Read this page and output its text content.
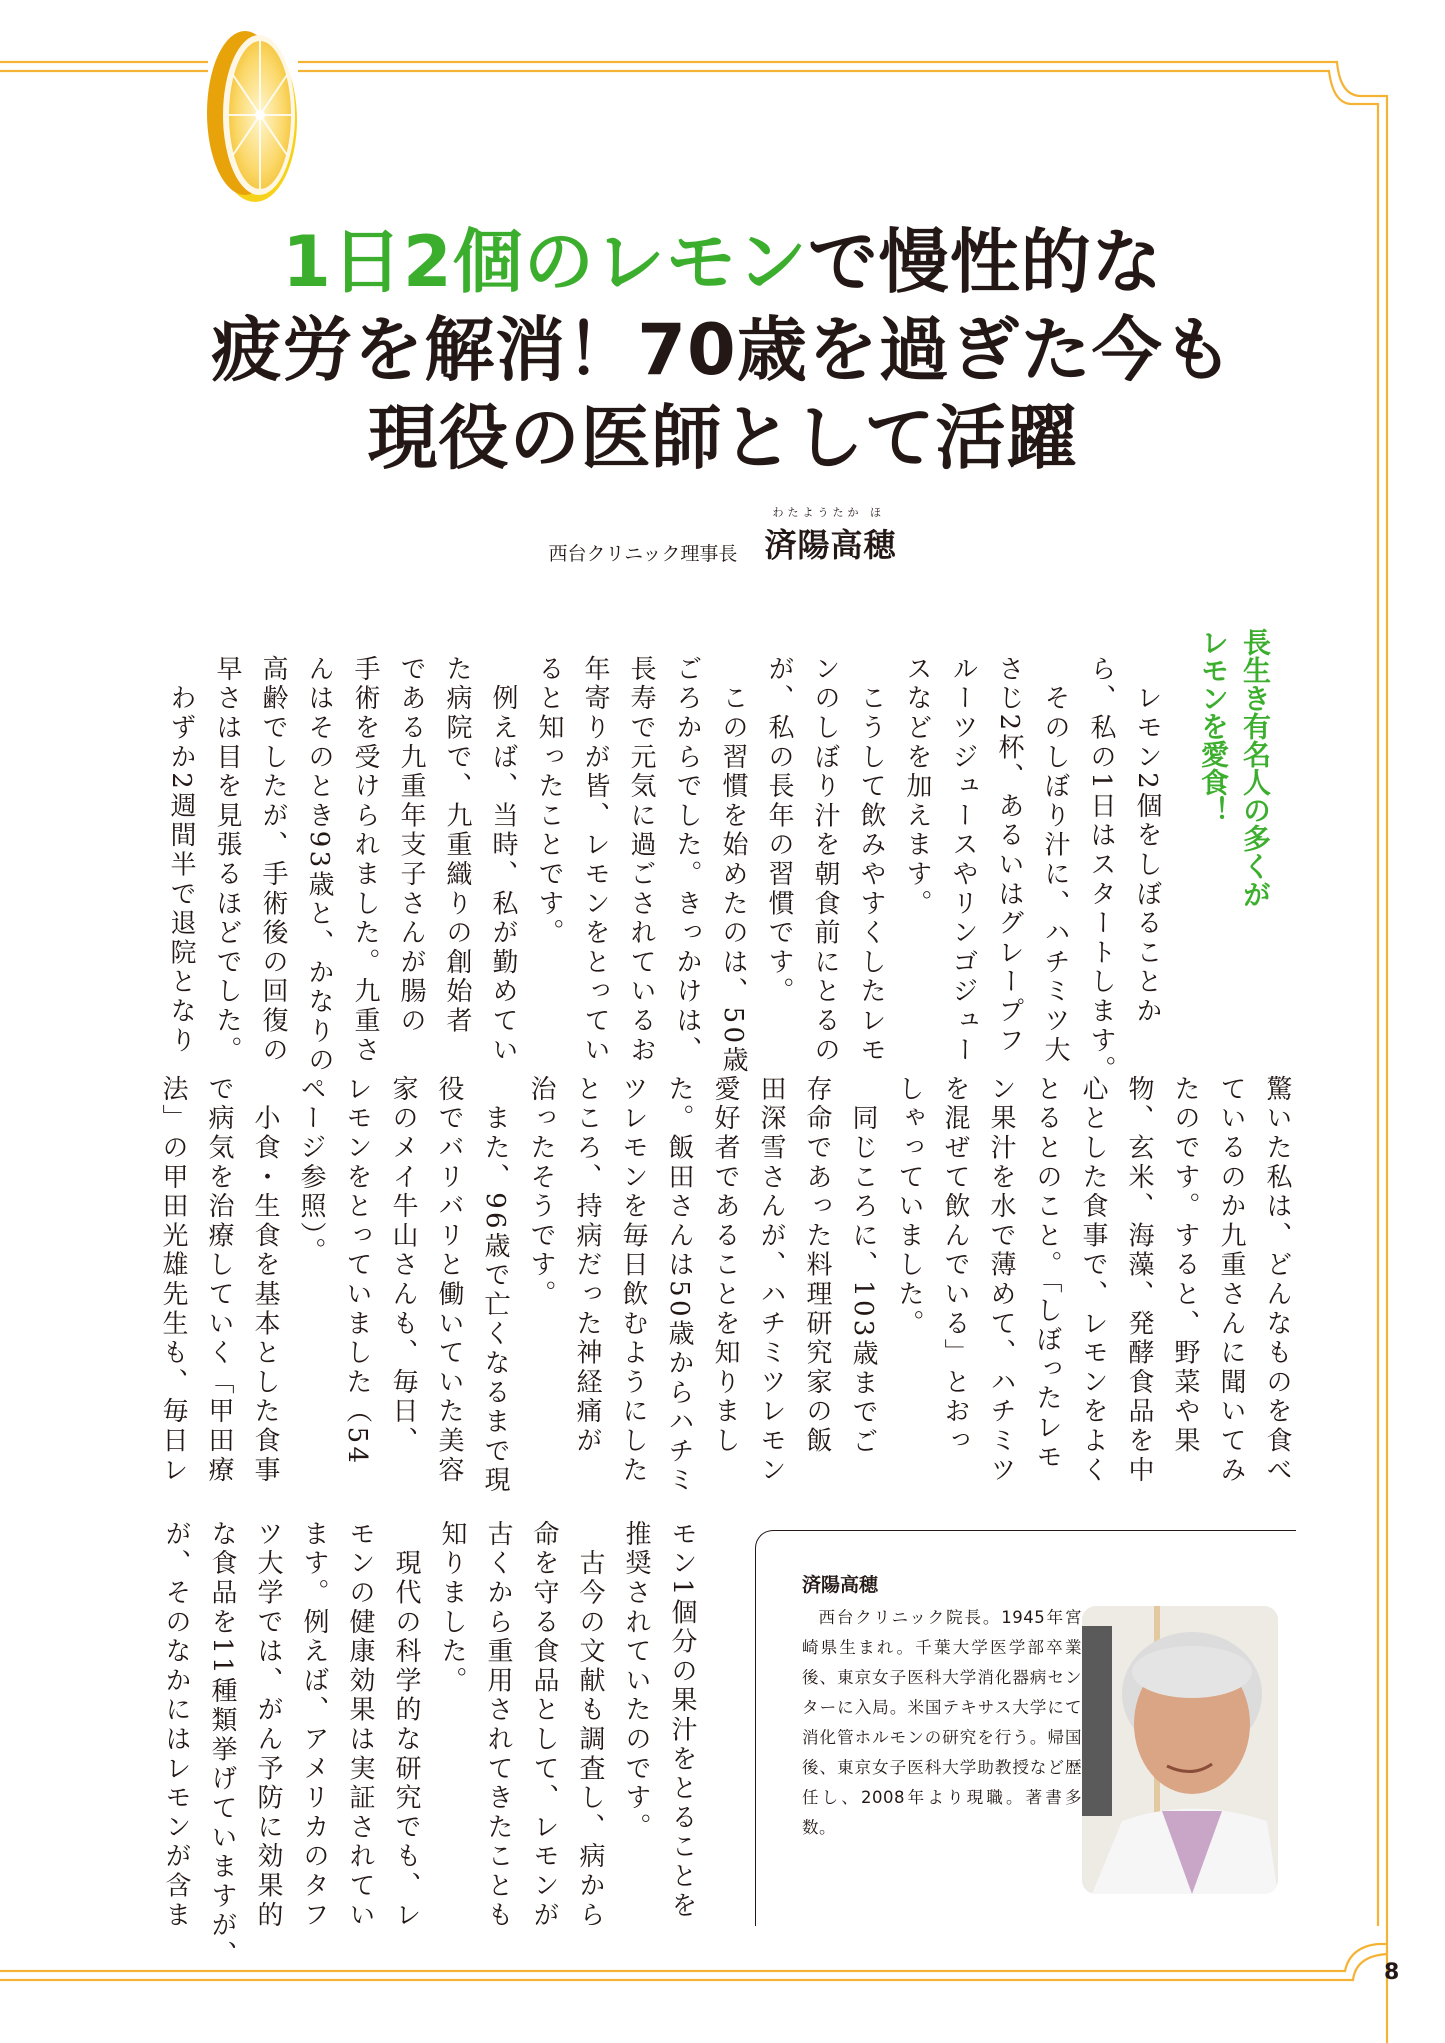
1日2個のレモンで慢性的な
疲労を解消！70歳を過ぎた今も
現役の医師として活躍
西台クリニック理事長
わたようたか ほ
済陽高穂
長生き有名人の多くが
レモンを愛食！
　レモン2個をしぼることか
ら、私の1日はスタートします。
　そのしぼり汁に、ハチミツ大
さじ2杯、あるいはグレープフ
ルーツジュースやリンゴジュー
スなどを加えます。
　こうして飲みやすくしたレモ
ンのしぼり汁を朝食前にとるの
が、私の長年の習慣です。
　この習慣を始めたのは、50歳
ごろからでした。きっかけは、
長寿で元気に過ごされているお
年寄りが皆、レモンをとってい
ると知ったことです。
　例えば、当時、私が勤めてい
た病院で、九重織りの創始者
である九重年支子さんが腸の
手術を受けられました。九重さ
んはそのとき93歳と、かなりの
高齢でしたが、手術後の回復の
早さは目を見張るほどでした。
　わずか2週間半で退院となり
驚いた私は、どんなものを食べ
ているのか九重さんに聞いてみ
たのです。すると、野菜や果
物、玄米、海藻、発酵食品を中
心とした食事で、レモンをよく
とるとのこと。「しぼったレモ
ン果汁を水で薄めて、ハチミツ
を混ぜて飲んでいる」とおっ
しゃっていました。
　同じころに、103歳までご
存命であった料理研究家の飯
田深雪さんが、ハチミツレモン
愛好者であることを知りまし
た。飯田さんは50歳からハチミ
ツレモンを毎日飲むようにした
ところ、持病だった神経痛が
治ったそうです。
　また、96歳で亡くなるまで現
役でバリバリと働いていた美容
家のメイ牛山さんも、毎日、
レモンをとっていました（54
ページ参照）。
　小食・生食を基本とした食事
で病気を治療していく「甲田療
法」の甲田光雄先生も、毎日レ
モン1個分の果汁をとることを
推奨されていたのです。
　古今の文献も調査し、病から
命を守る食品として、レモンが
古くから重用されてきたことも
知りました。
　現代の科学的な研究でも、レ
モンの健康効果は実証されてい
ます。例えば、アメリカのタフ
ツ大学では、がん予防に効果的
な食品を11種類挙げていますが、
が、そのなかにはレモンが含ま	済陽高穂
西台クリニック院長。1945年宮崎県生まれ。千葉大学医学部卒業後、東京女子医科大学消化器病センターに入局。米国テキサス大学にて消化管ホルモンの研究を行う。帰国後、東京女子医科大学助教授など歴任し、2008年より現職。著書多数。
8
